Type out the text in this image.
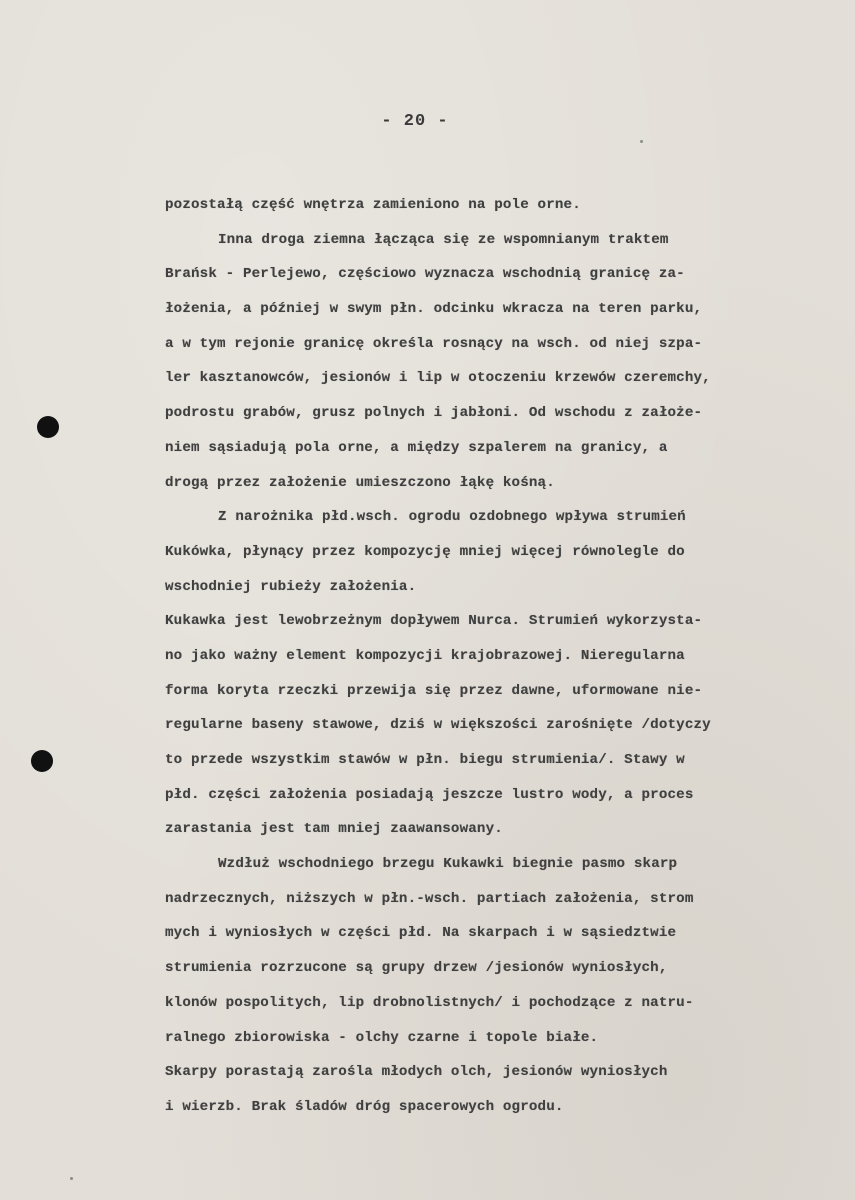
- 20 -
pozostałą część wnętrza zamieniono na pole orne.
Inna droga ziemna łącząca się ze wspomnianym traktem
Brańsk - Perlejewo, częściowo wyznacza wschodnią granicę za-
łożenia, a później w swym płn. odcinku wkracza na teren parku,
a w tym rejonie granicę określa rosnący na wsch. od niej szpa-
ler kasztanowców, jesionów i lip w otoczeniu krzewów czeremchy,
podrostu grabów, grusz polnych i jabłoni. Od wschodu z założe-
niem sąsiadują pola orne, a między szpalerem na granicy, a
drogą przez założenie umieszczono łąkę kośną.
Z narożnika płd.wsch. ogrodu ozdobnego wpływa strumień
Kukówka, płynący przez kompozycję mniej więcej równolegle do
wschodniej rubieży założenia.
Kukawka jest lewobrzeżnym dopływem Nurca. Strumień wykorzysta-
no jako ważny element kompozycji krajobrazowej. Nieregularna
forma koryta rzeczki przewija się przez dawne, uformowane nie-
regularne baseny stawowe, dziś w większości zarośnięte /dotyczy
to przede wszystkim stawów w płn. biegu strumienia/. Stawy w
płd. części założenia posiadają jeszcze lustro wody, a proces
zarastania jest tam mniej zaawansowany.
Wzdłuż wschodniego brzegu Kukawki biegnie pasmo skarp
nadrzecznych, niższych w płn.-wsch. partiach założenia, strom
mych i wyniosłych w części płd. Na skarpach i w sąsiedztwie
strumienia rozrzucone są grupy drzew /jesionów wyniosłych,
klonów pospolitych, lip drobnolistnych/ i pochodzące z natru-
ralnego zbiorowiska - olchy czarne i topole białe.
Skarpy porastają zarośla młodych olch, jesionów wyniosłych
i wierzb. Brak śladów dróg spacerowych ogrodu.
